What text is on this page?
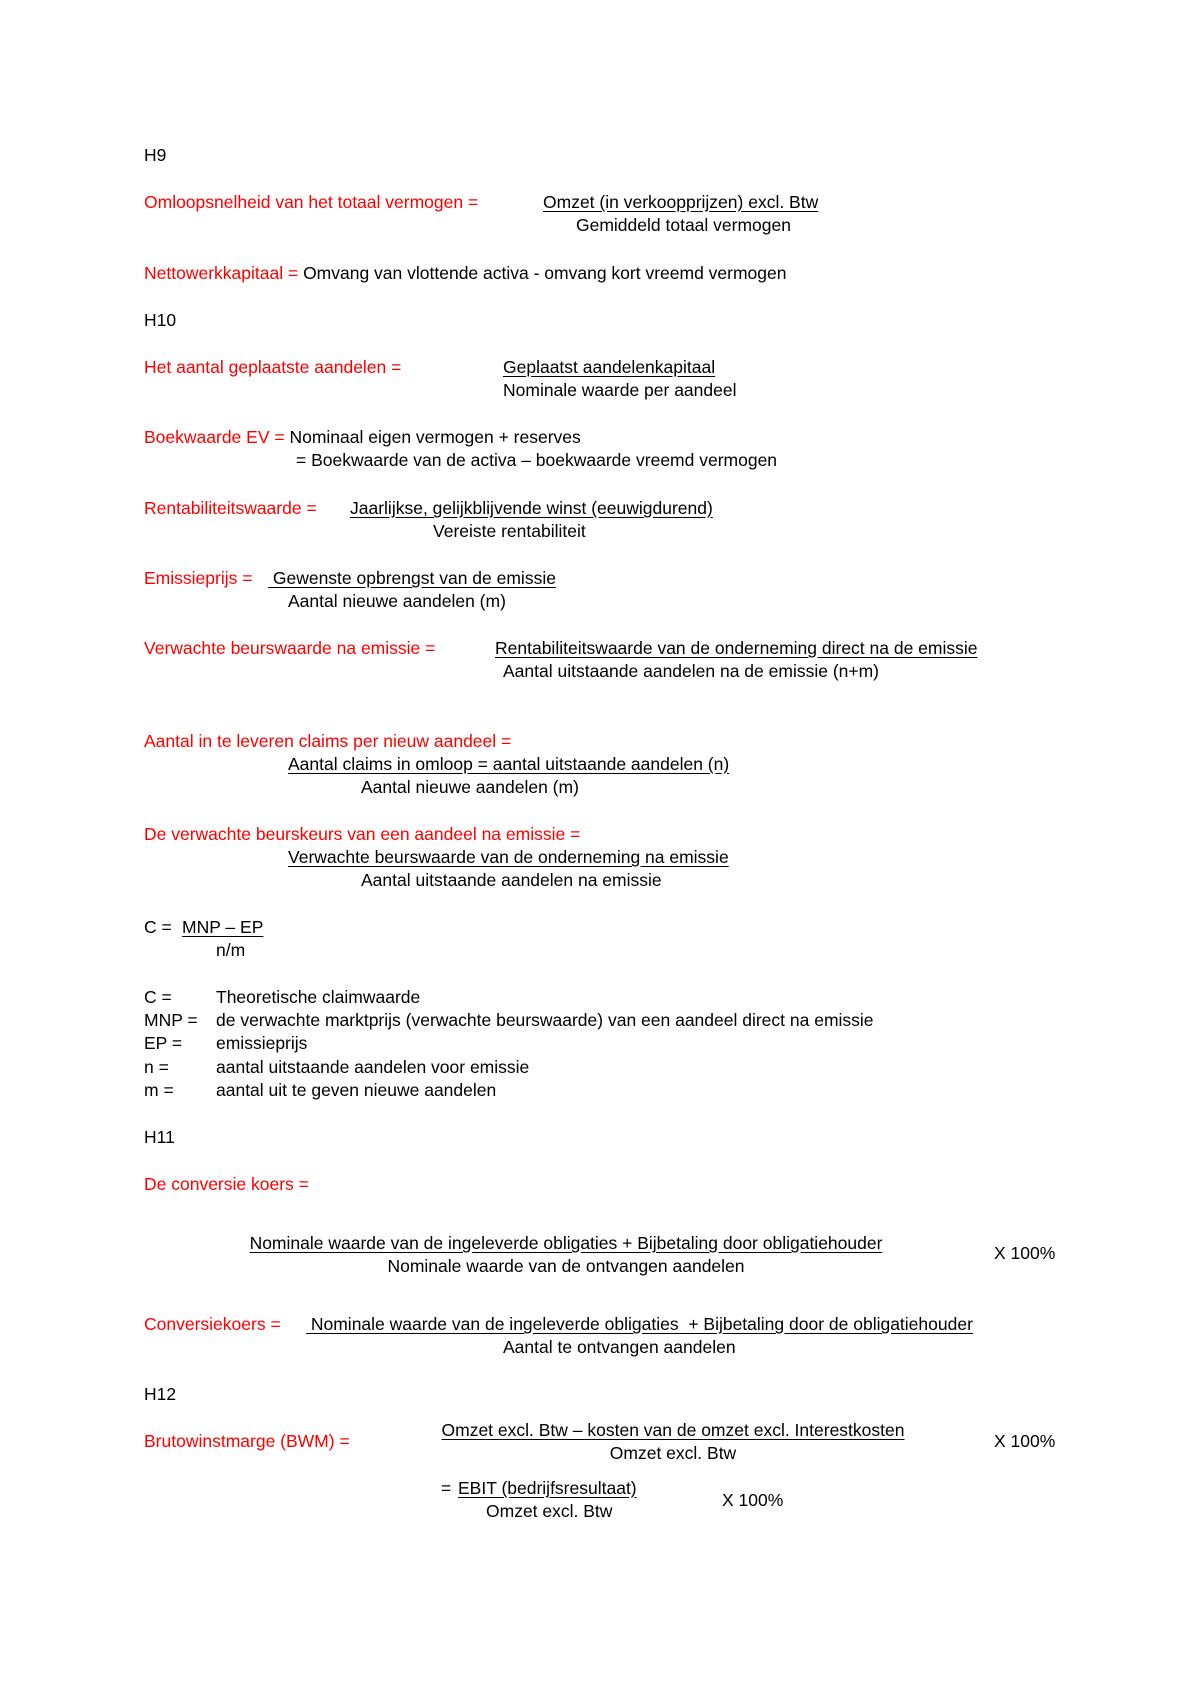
H9
Omloopsnelheid van het totaal vermogen =	Omzet (in verkoopprijzen) excl. Btw
Gemiddeld totaal vermogen
Nettowerkkapitaal = Omvang van vlottende activa - omvang kort vreemd vermogen
H10
Het aantal geplaatste aandelen =	Geplaatst aandelenkapitaal
Nominale waarde per aandeel
Boekwaarde EV = Nominaal eigen vermogen + reserves
= Boekwaarde van de activa – boekwaarde vreemd vermogen
Rentabiliteitswaarde = Jaarlijkse, gelijkblijvende winst (eeuwigdurend)
Vereiste rentabiliteit
Emissieprijs = Gewenste opbrengst van de emissie
Aantal nieuwe aandelen (m)
Verwachte beurswaarde na emissie =	Rentabiliteitswaarde van de onderneming direct na de emissie
Aantal uitstaande aandelen na de emissie (n+m)
Aantal in te leveren claims per nieuw aandeel =
Aantal claims in omloop = aantal uitstaande aandelen (n)
Aantal nieuwe aandelen (m)
De verwachte beurskeurs van een aandeel na emissie =
Verwachte beurswaarde van de onderneming na emissie
Aantal uitstaande aandelen na emissie
C = MNP – EP
n/m
C =	Theoretische claimwaarde
MNP = de verwachte marktprijs (verwachte beurswaarde) van een aandeel direct na emissie
EP = emissieprijs
n =	aantal uitstaande aandelen voor emissie
m = aantal uit te geven nieuwe aandelen
H11
De conversie koers =
Nominale waarde van de ingeleverde obligaties + Bijbetaling door obligatiehouder
Nominale waarde van de ontvangen aandelen
X 100%
Conversiekoers = Nominale waarde van de ingeleverde obligaties  + Bijbetaling door de obligatiehouder
Aantal te ontvangen aandelen
H12
Brutowinstmarge (BWM) =
Omzet excl. Btw – kosten van de omzet excl. Interestkosten
Omzet excl. Btw
X 100%
= EBIT (bedrijfsresultaat)
Omzet excl. Btw
X 100%
